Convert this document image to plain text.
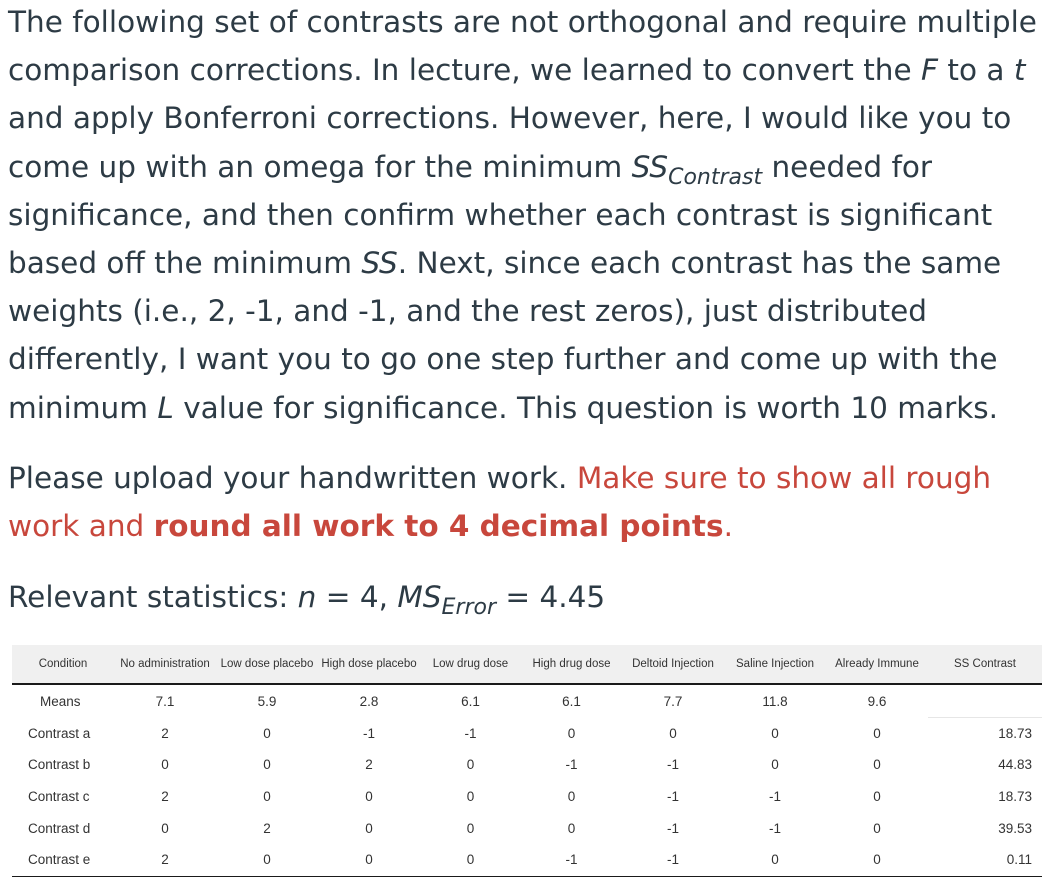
The following set of contrasts are not orthogonal and require multiple comparison corrections. In lecture, we learned to convert the F to a t and apply Bonferroni corrections. However, here, I would like you to come up with an omega for the minimum $SS_{Contrast}$ needed for significance, and then confirm whether each contrast is significant based off the minimum SS. Next, since each contrast has the same weights (i.e., 2, -1, and -1, and the rest zeros), just distributed differently, I want you to go one step further and come up with the minimum L value for significance. This question is worth 10 marks.
Please upload your handwritten work. Make sure to show all rough work and round all work to 4 decimal points.
Relevant statistics: n = 4, $MS_{Error} = 4.45$
Condition	No administration	Low dose placebo	High dose placebo	Low drug dose	High drug dose	Deltoid Injection	Saline Injection	Already Immune	SS Contrast
Means	7.1	5.9	2.8	6.1	6.1	7.7	11.8	9.6	
Contrast a	2	0	-1	-1	0	0	0	0	18.73
Contrast b	0	0	2	0	-1	-1	0	0	44.83
Contrast c	2	0	0	0	0	-1	-1	0	18.73
Contrast d	0	2	0	0	0	-1	-1	0	39.53
Contrast e	2	0	0	0	-1	-1	0	0	0.11
